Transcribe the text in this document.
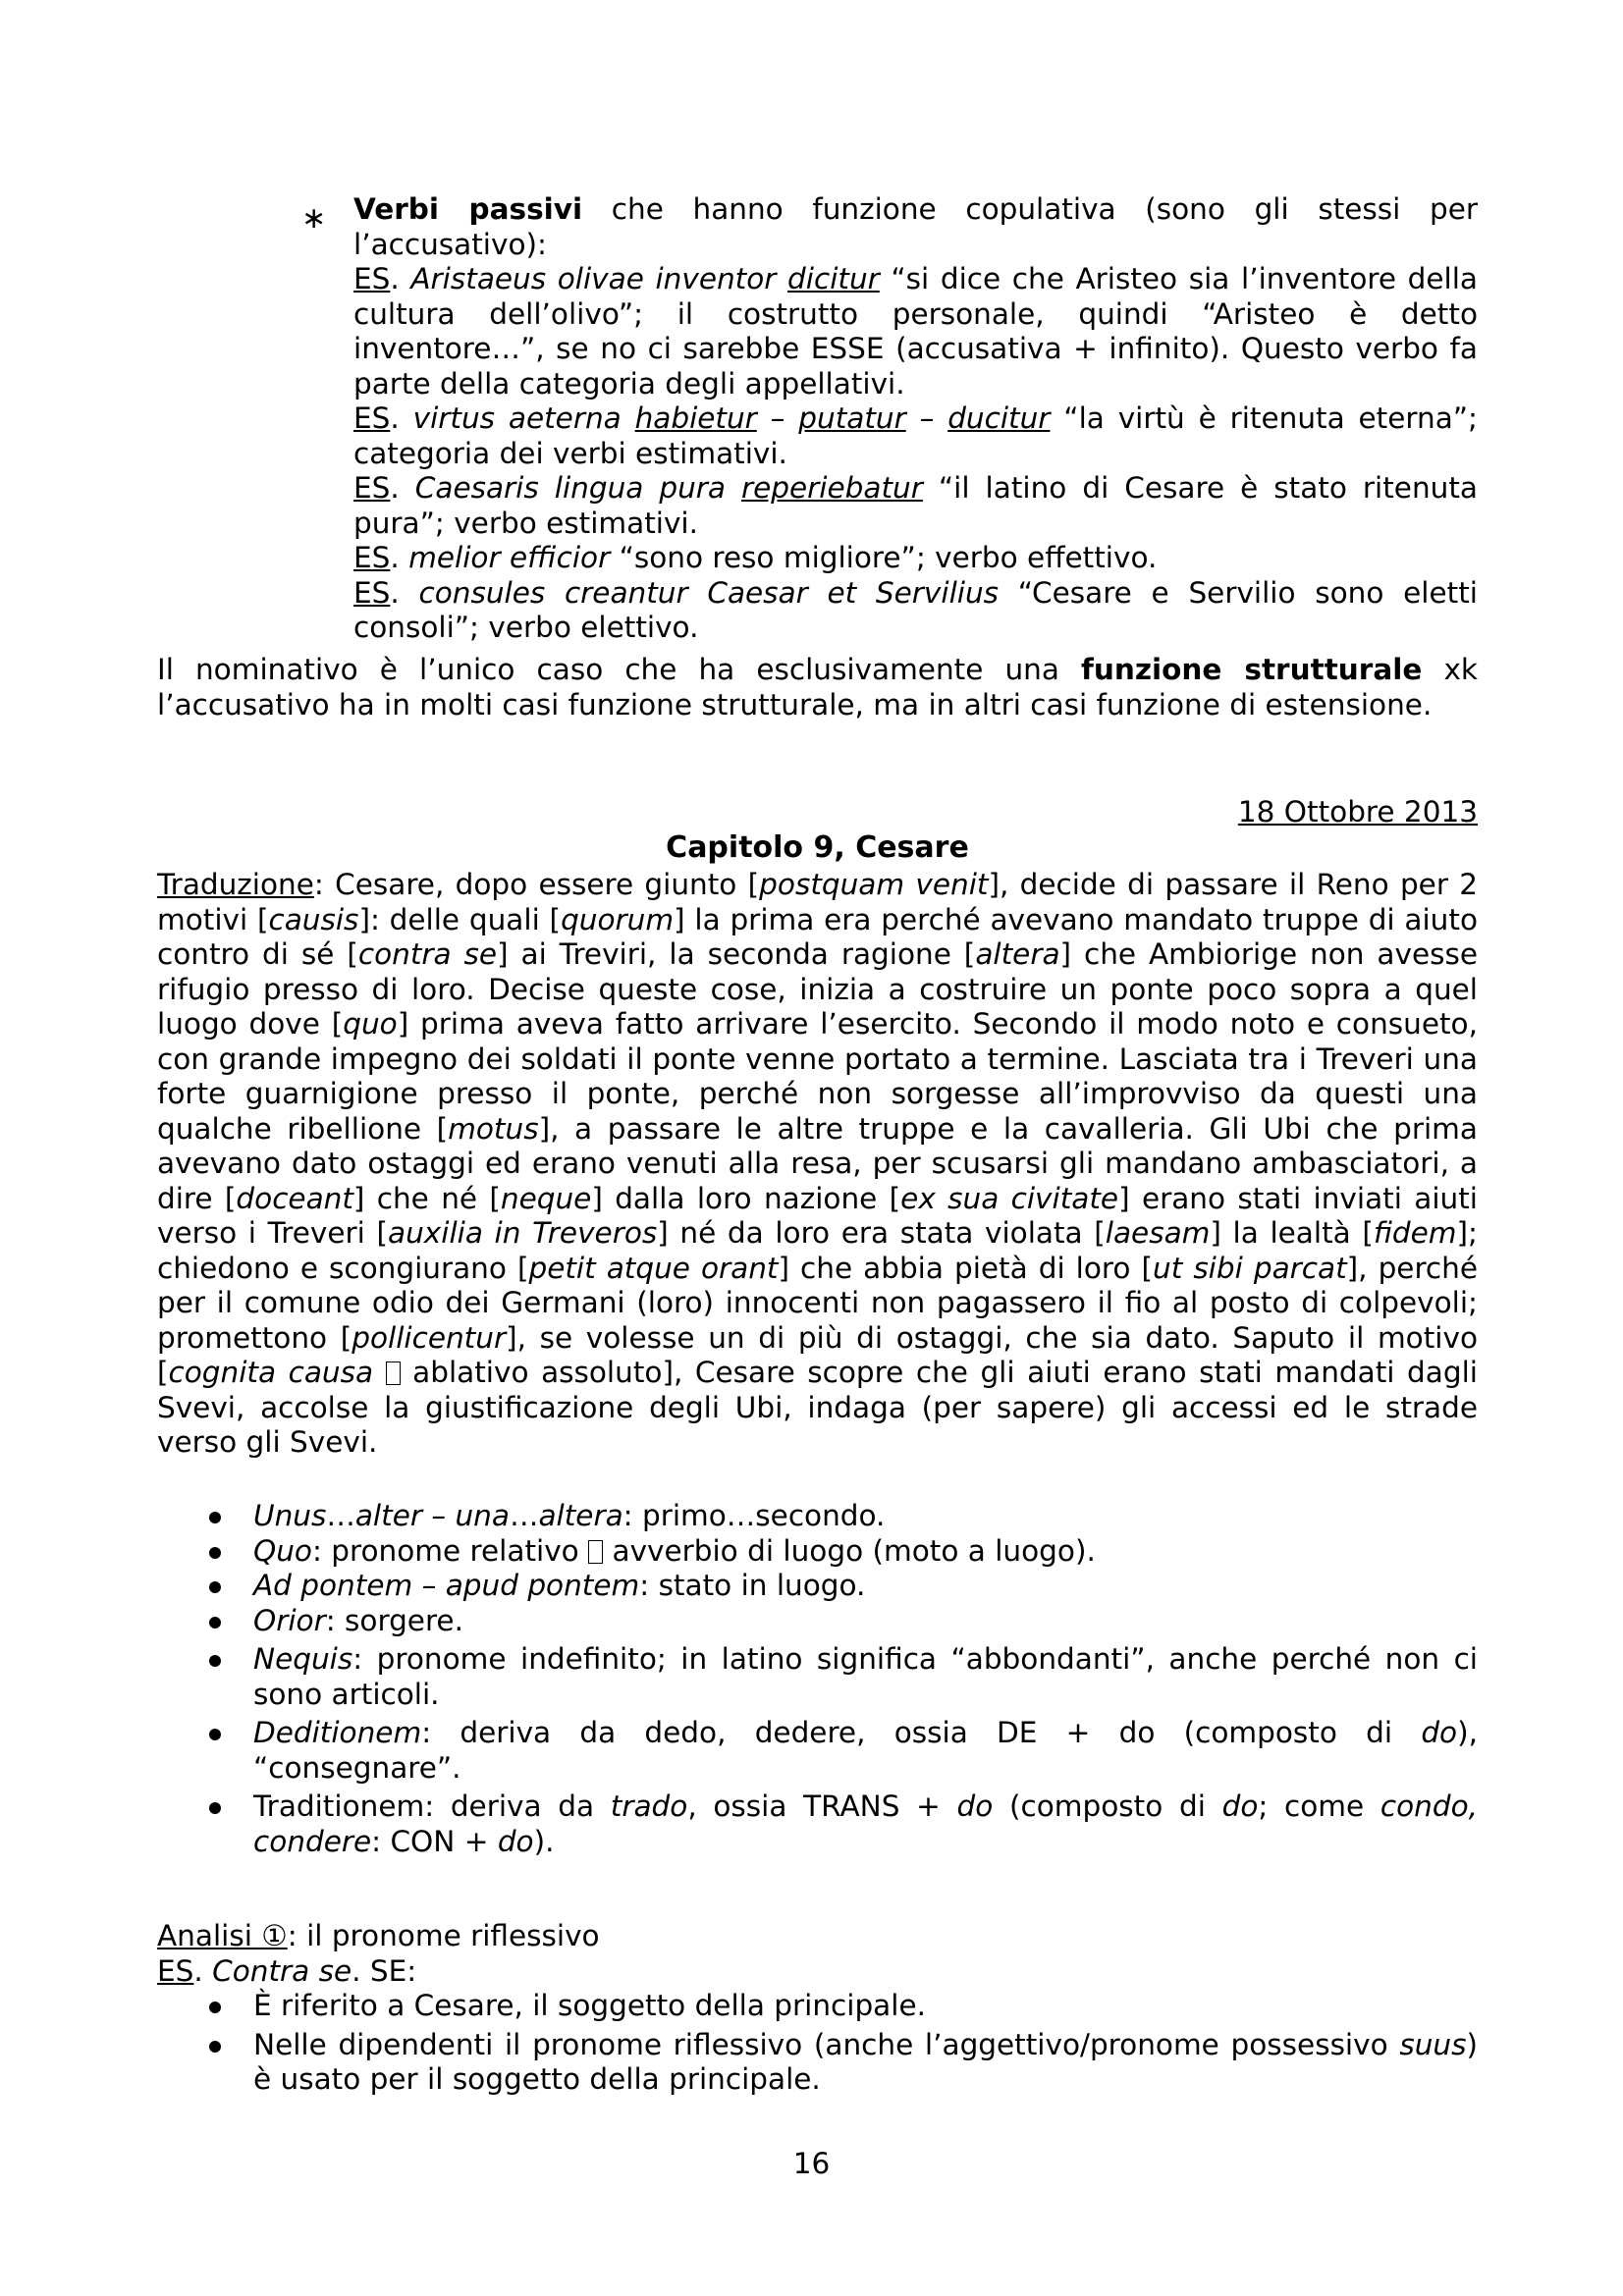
∗ Verbi passivi che hanno funzione copulativa (sono gli stessi per l’accusativo):

ES. Aristaeus olivae inventor dicitur “si dice che Aristeo sia l’inventore della cultura dell’olivo”; il costrutto personale, quindi “Aristeo è detto inventore…”, se no ci sarebbe ESSE (accusativa + infinito). Questo verbo fa parte della categoria degli appellativi.

ES. virtus aeterna habietur – putatur – ducitur “la virtù è ritenuta eterna”; categoria dei verbi estimativi.

ES. Caesaris lingua pura reperiebatur “il latino di Cesare è stato ritenuta pura”; verbo estimativi.

ES. melior efficior “sono reso migliore”; verbo effettivo.

ES. consules creantur Caesar et Servilius “Cesare e Servilio sono eletti consoli”; verbo elettivo.

Il nominativo è l’unico caso che ha esclusivamente una funzione strutturale xk l’accusativo ha in molti casi funzione strutturale, ma in altri casi funzione di estensione.

18 Ottobre 2013
Capitolo 9, Cesare

Traduzione: Cesare, dopo essere giunto [postquam venit], decide di passare il Reno per 2 motivi [causis]: delle quali [quorum] la prima era perché avevano mandato truppe di aiuto contro di sé [contra se] ai Treviri, la seconda ragione [altera] che Ambiorige non avesse rifugio presso di loro. Decise queste cose, inizia a costruire un ponte poco sopra a quel luogo dove [quo] prima aveva fatto arrivare l’esercito. Secondo il modo noto e consueto, con grande impegno dei soldati il ponte venne portato a termine. Lasciata tra i Treveri una forte guarnigione presso il ponte, perché non sorgesse all’improvviso da questi una qualche ribellione [motus], a passare le altre truppe e la cavalleria. Gli Ubi che prima avevano dato ostaggi ed erano venuti alla resa, per scusarsi gli mandano ambasciatori, a dire [doceant] che né [neque] dalla loro nazione [ex sua civitate] erano stati inviati aiuti verso i Treveri [auxilia in Treveros] né da loro era stata violata [laesam] la lealtà [fidem]; chiedono e scongiurano [petit atque orant] che abbia pietà di loro [ut sibi parcat], perché per il comune odio dei Germani (loro) innocenti non pagassero il fio al posto di colpevoli; promettono [pollicentur], se volesse un di più di ostaggi, che sia dato. Saputo il motivo [cognita causa  ablativo assoluto], Cesare scopre che gli aiuti erano stati mandati dagli Svevi, accolse la giustificazione degli Ubi, indaga (per sapere) gli accessi ed le strade verso gli Svevi.

Unus…alter – una…altera: primo…secondo.

Quo: pronome relativo  avverbio di luogo (moto a luogo).

Ad pontem – apud pontem: stato in luogo.

Orior: sorgere.

Nequis: pronome indefinito; in latino significa “abbondanti”, anche perché non ci sono articoli.

Deditionem: deriva da dedo, dedere, ossia DE + do (composto di do), “consegnare”.

Traditionem: deriva da trado, ossia TRANS + do (composto di do; come condo, condere: CON + do).

Analisi ①: il pronome riflessivo

ES. Contra se. SE:

È riferito a Cesare, il soggetto della principale.

Nelle dipendenti il pronome riflessivo (anche l’aggettivo/pronome possessivo suus) è usato per il soggetto della principale.

16
